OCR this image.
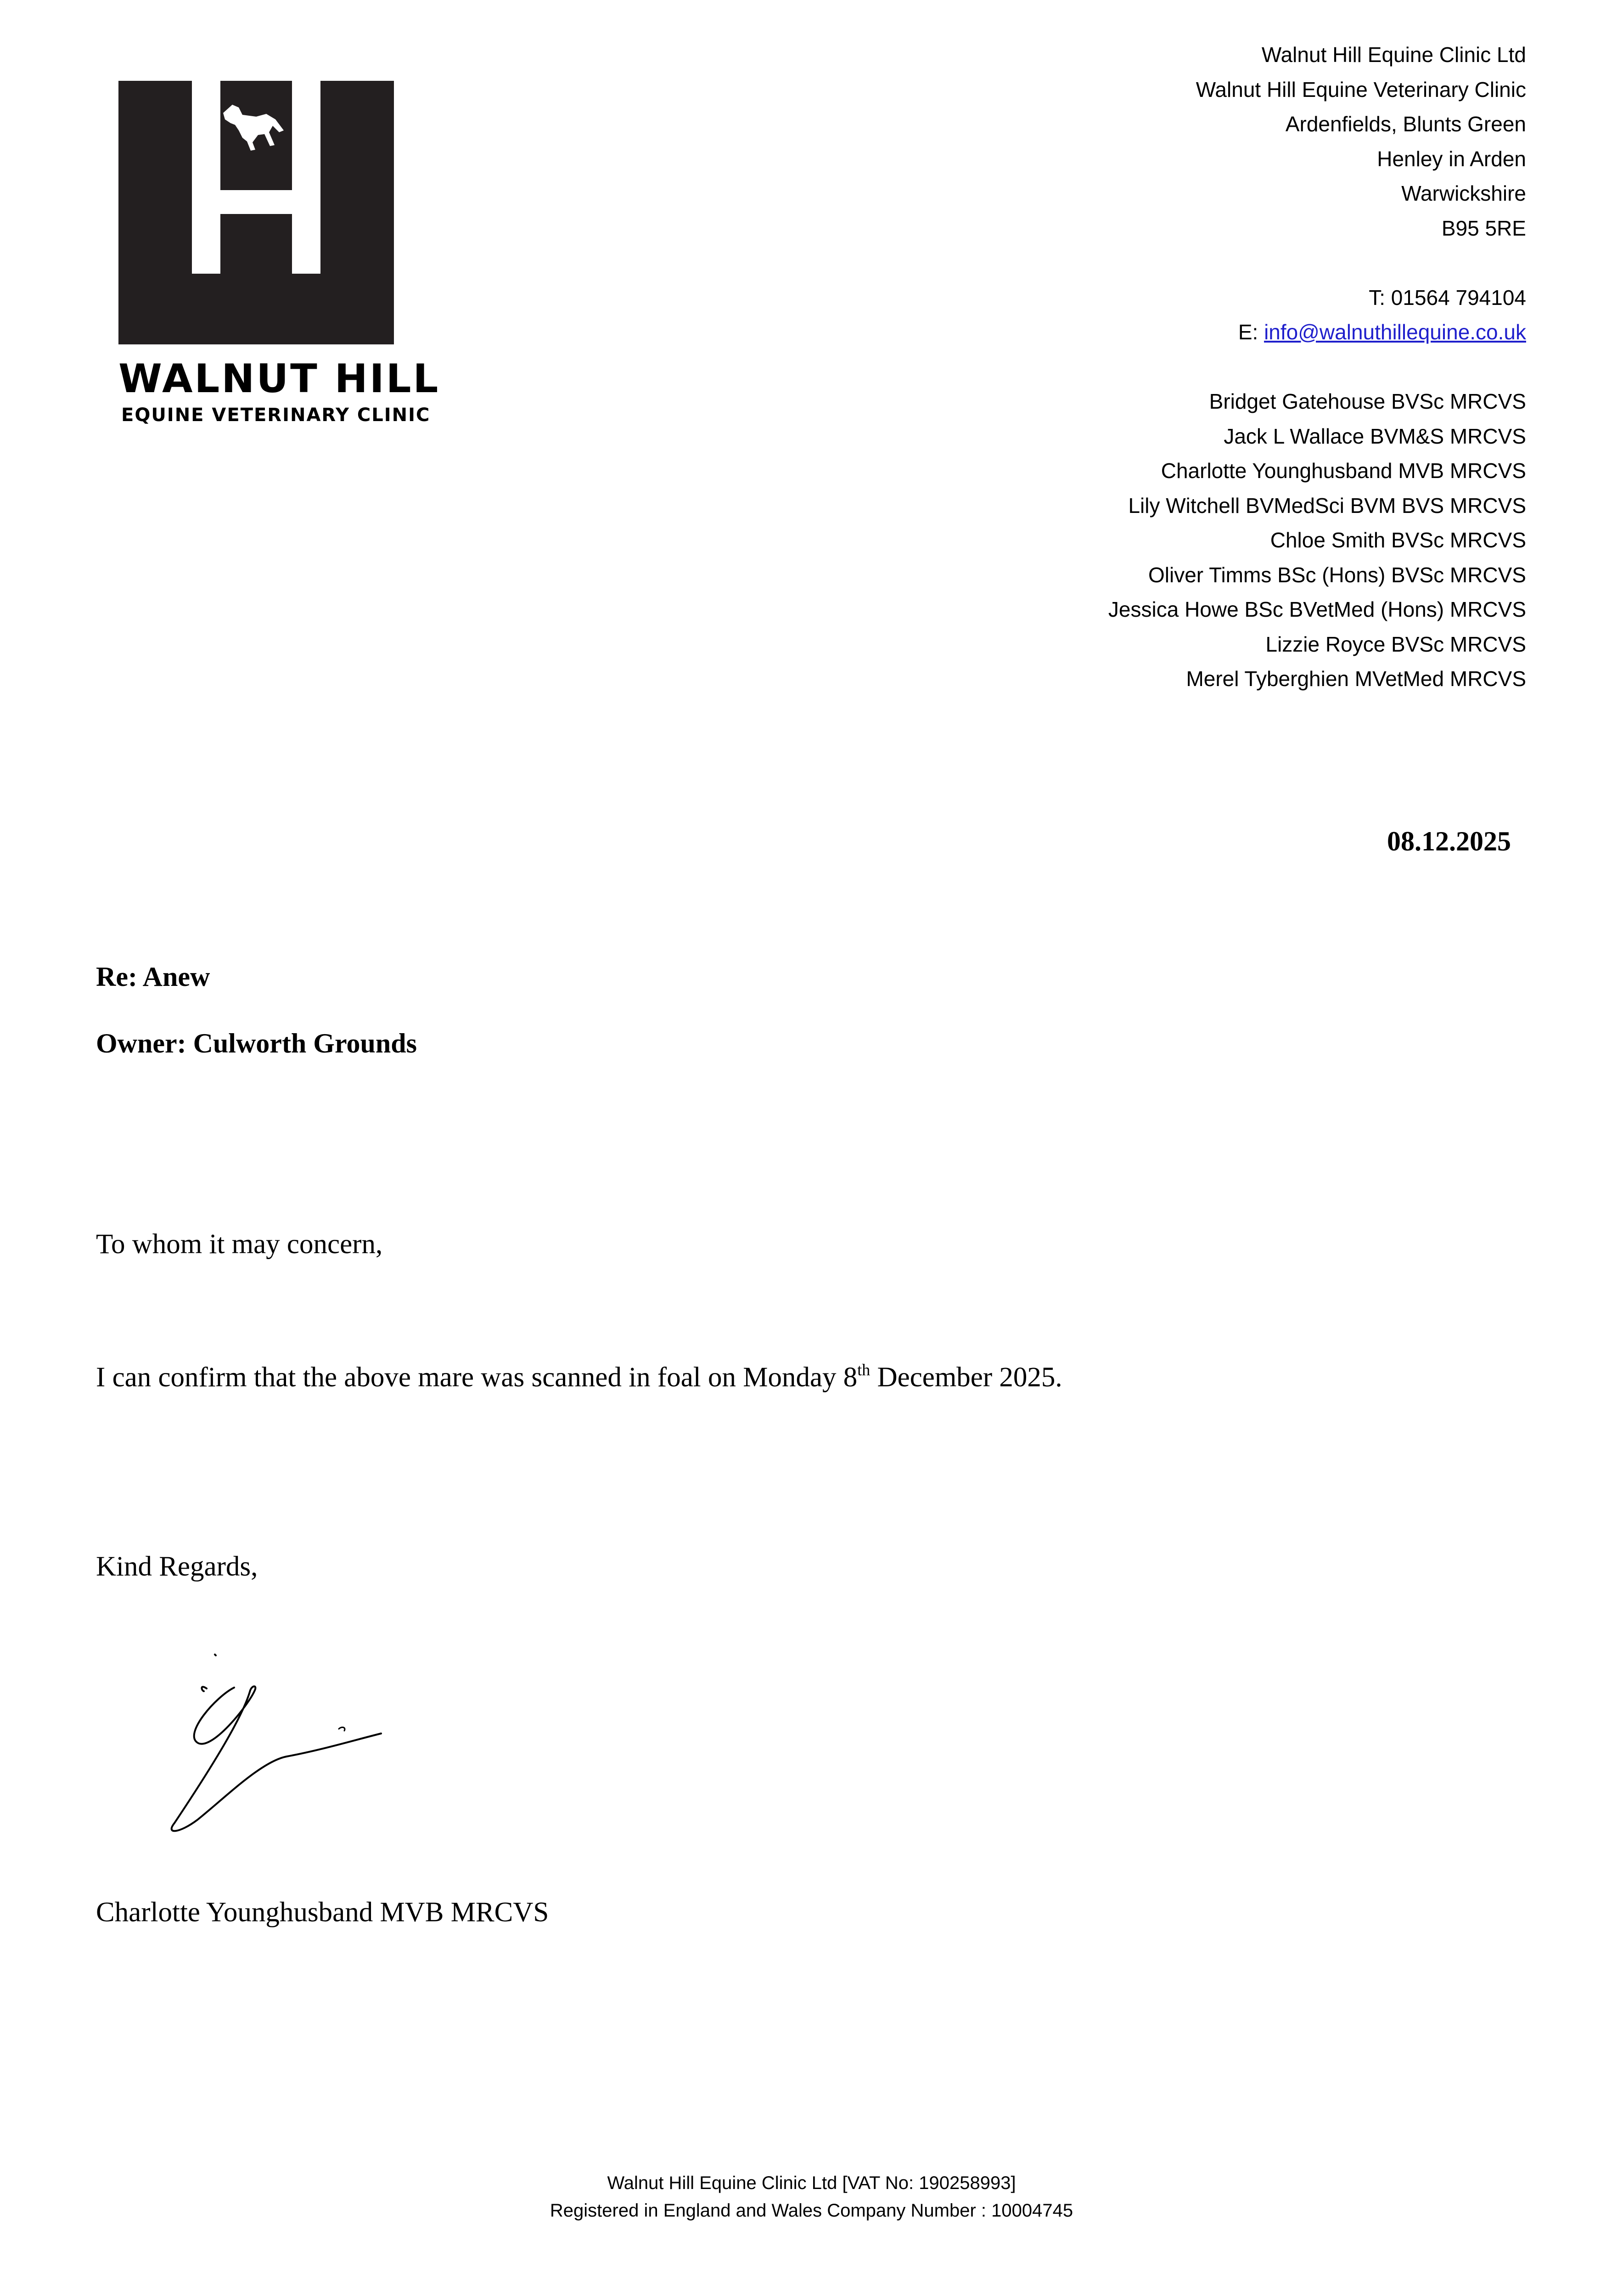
WALNUT HILL
EQUINE VETERINARY CLINIC
Walnut Hill Equine Clinic Ltd
Walnut Hill Equine Veterinary Clinic
Ardenfields, Blunts Green
Henley in Arden
Warwickshire
B95 5RE
T: 01564 794104
E: info@walnuthillequine.co.uk
Bridget Gatehouse BVSc MRCVS
Jack L Wallace BVM&S MRCVS
Charlotte Younghusband MVB MRCVS
Lily Witchell BVMedSci BVM BVS MRCVS
Chloe Smith BVSc MRCVS
Oliver Timms BSc (Hons) BVSc MRCVS
Jessica Howe BSc BVetMed (Hons) MRCVS
Lizzie Royce BVSc MRCVS
Merel Tyberghien MVetMed MRCVS
08.12.2025
Re: Anew
Owner: Culworth Grounds
To whom it may concern,
I can confirm that the above mare was scanned in foal on Monday 8th December 2025.
Kind Regards,
Charlotte Younghusband MVB MRCVS
Walnut Hill Equine Clinic Ltd [VAT No: 190258993]
Registered in England and Wales Company Number : 10004745
